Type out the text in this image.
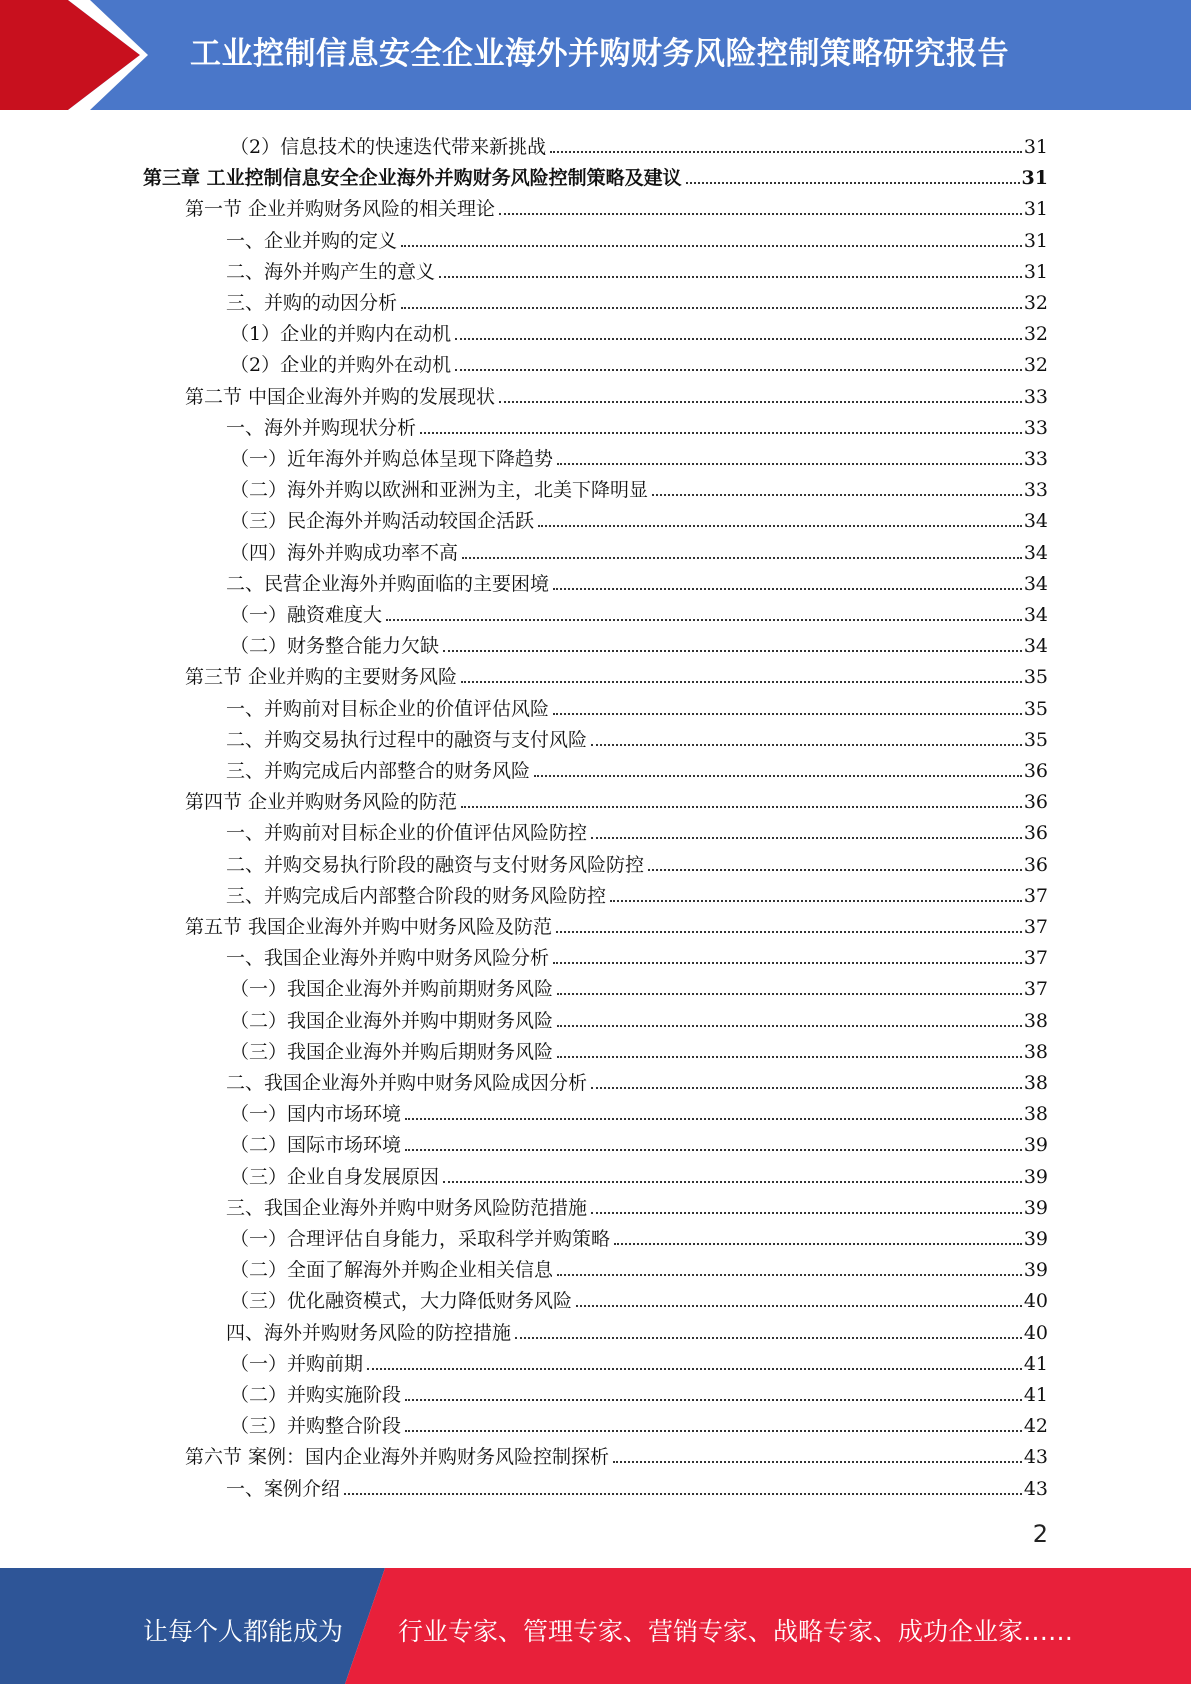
工业控制信息安全企业海外并购财务风险控制策略研究报告
（2）信息技术的快速迭代带来新挑战	31
第三章 工业控制信息安全企业海外并购财务风险控制策略及建议	31
第一节 企业并购财务风险的相关理论	31
一、企业并购的定义	31
二、海外并购产生的意义	31
三、并购的动因分析	32
（1）企业的并购内在动机	32
（2）企业的并购外在动机	32
第二节 中国企业海外并购的发展现状	33
一、海外并购现状分析	33
（一）近年海外并购总体呈现下降趋势	33
（二）海外并购以欧洲和亚洲为主，北美下降明显	33
（三）民企海外并购活动较国企活跃	34
（四）海外并购成功率不高	34
二、民营企业海外并购面临的主要困境	34
（一）融资难度大	34
（二）财务整合能力欠缺	34
第三节 企业并购的主要财务风险	35
一、并购前对目标企业的价值评估风险	35
二、并购交易执行过程中的融资与支付风险	35
三、并购完成后内部整合的财务风险	36
第四节 企业并购财务风险的防范	36
一、并购前对目标企业的价值评估风险防控	36
二、并购交易执行阶段的融资与支付财务风险防控	36
三、并购完成后内部整合阶段的财务风险防控	37
第五节 我国企业海外并购中财务风险及防范	37
一、我国企业海外并购中财务风险分析	37
（一）我国企业海外并购前期财务风险	37
（二）我国企业海外并购中期财务风险	38
（三）我国企业海外并购后期财务风险	38
二、我国企业海外并购中财务风险成因分析	38
（一）国内市场环境	38
（二）国际市场环境	39
（三）企业自身发展原因	39
三、我国企业海外并购中财务风险防范措施	39
（一）合理评估自身能力，采取科学并购策略	39
（二）全面了解海外并购企业相关信息	39
（三）优化融资模式，大力降低财务风险	40
四、海外并购财务风险的防控措施	40
（一）并购前期	41
（二）并购实施阶段	41
（三）并购整合阶段	42
第六节 案例：国内企业海外并购财务风险控制探析	43
一、案例介绍	43
2
让每个人都能成为 行业专家、管理专家、营销专家、战略专家、成功企业家……
